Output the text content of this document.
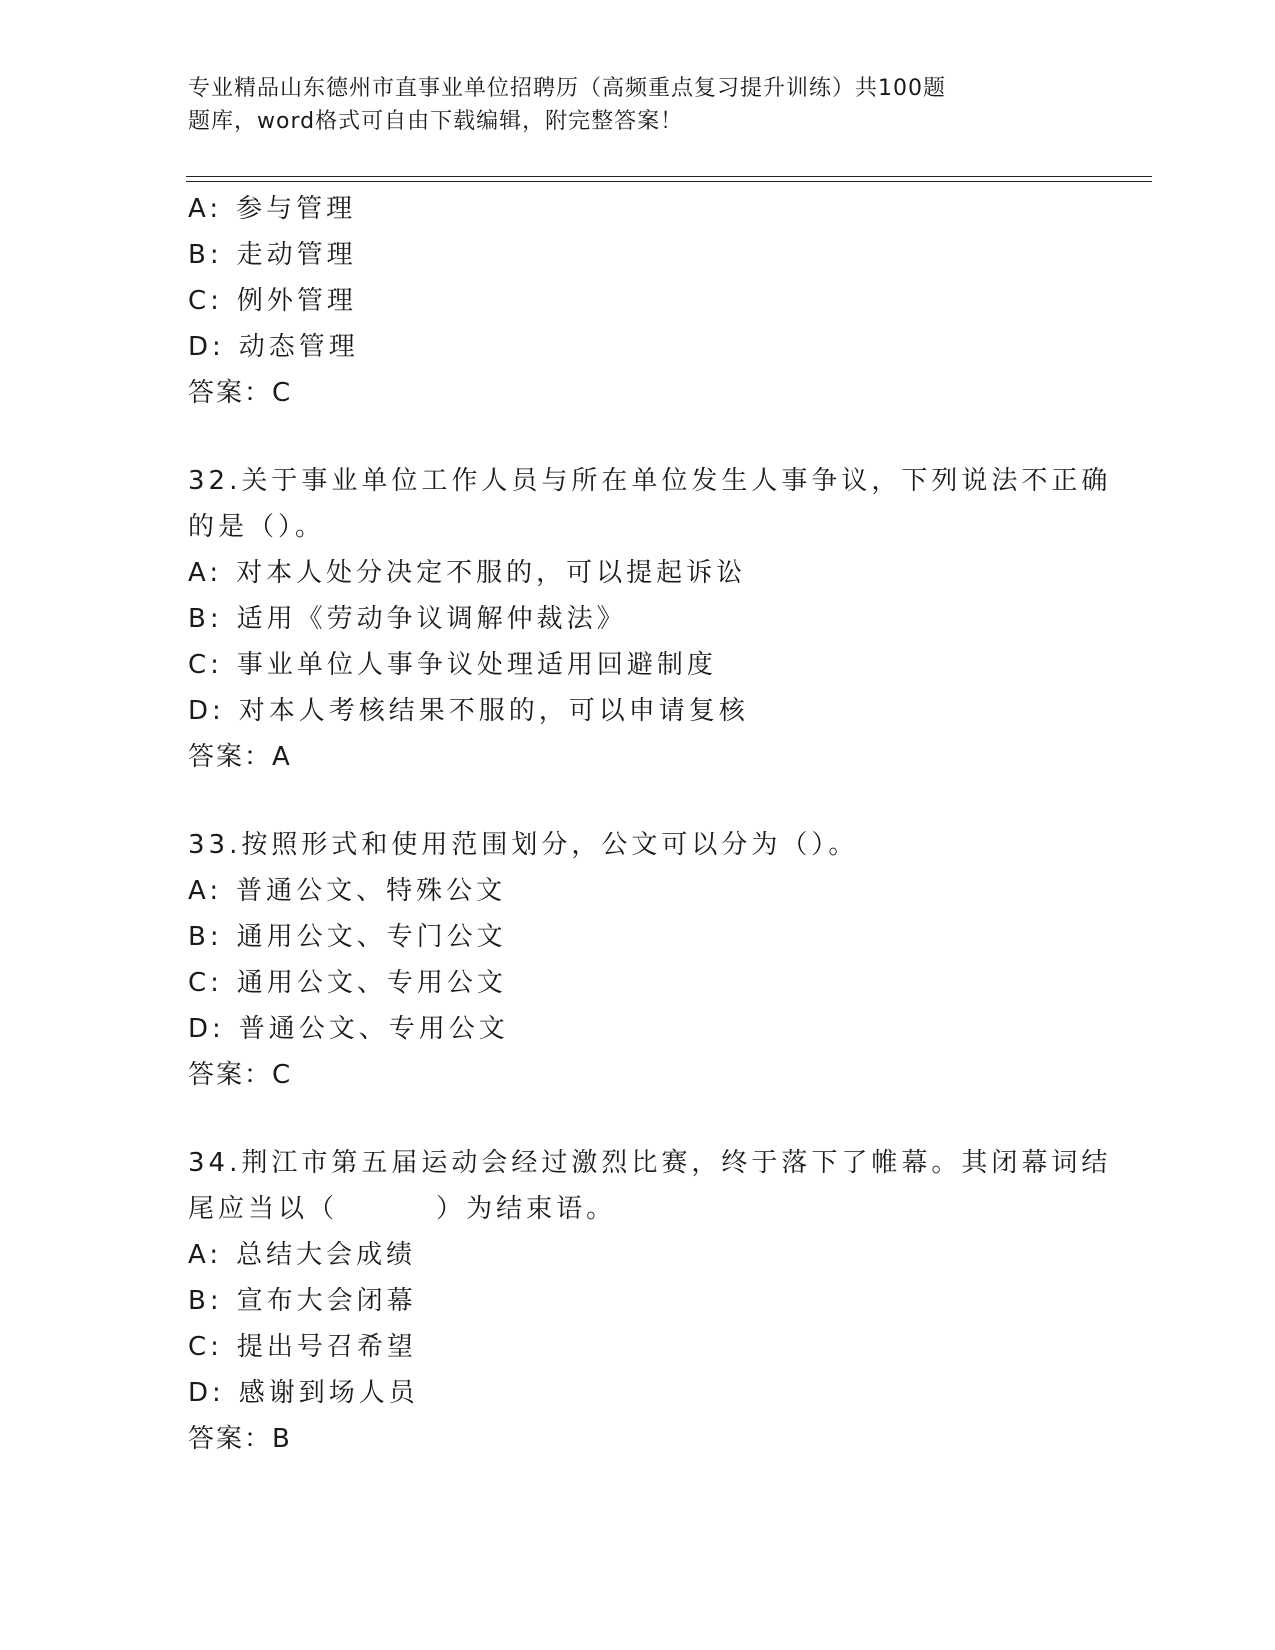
专业精品山东德州市直事业单位招聘历（高频重点复习提升训练）共100题
题库，word格式可自由下载编辑，附完整答案！
A: 参与管理
B: 走动管理
C: 例外管理
D: 动态管理
答案：C
32.关于事业单位工作人员与所在单位发生人事争议，下列说法不正确
的是（）。
A: 对本人处分决定不服的，可以提起诉讼
B: 适用《劳动争议调解仲裁法》
C: 事业单位人事争议处理适用回避制度
D: 对本人考核结果不服的，可以申请复核
答案：A
33.按照形式和使用范围划分，公文可以分为（）。
A: 普通公文、特殊公文
B: 通用公文、专门公文
C: 通用公文、专用公文
D: 普通公文、专用公文
答案：C
34.荆江市第五届运动会经过激烈比赛，终于落下了帷幕。其闭幕词结
尾应当以（        ）为结束语。
A: 总结大会成绩
B: 宣布大会闭幕
C: 提出号召希望
D: 感谢到场人员
答案：B
